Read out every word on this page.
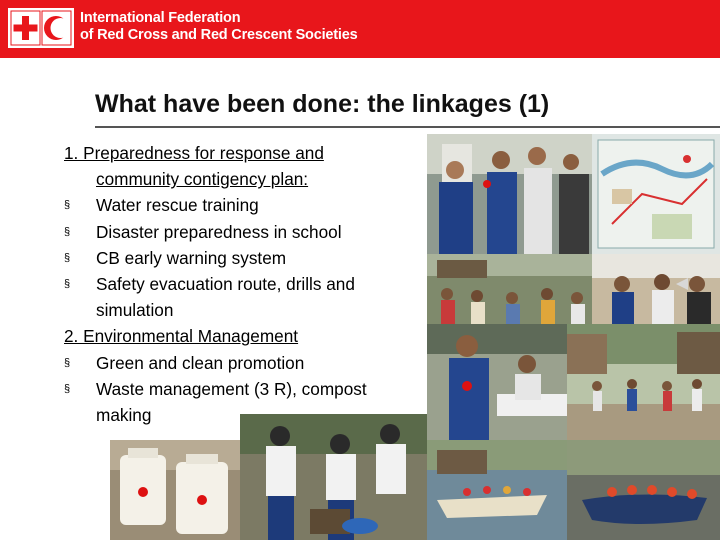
International Federation
of Red Cross and Red Crescent Societies
What have been done: the linkages (1)
1. Preparedness for response and
community contigency plan:
§	Water rescue training
§	Disaster preparedness in school
§	CB early warning system
§	Safety evacuation route, drills and
simulation
2. Environmental Management
§	Green and clean promotion
§	Waste management (3 R), compost
making
